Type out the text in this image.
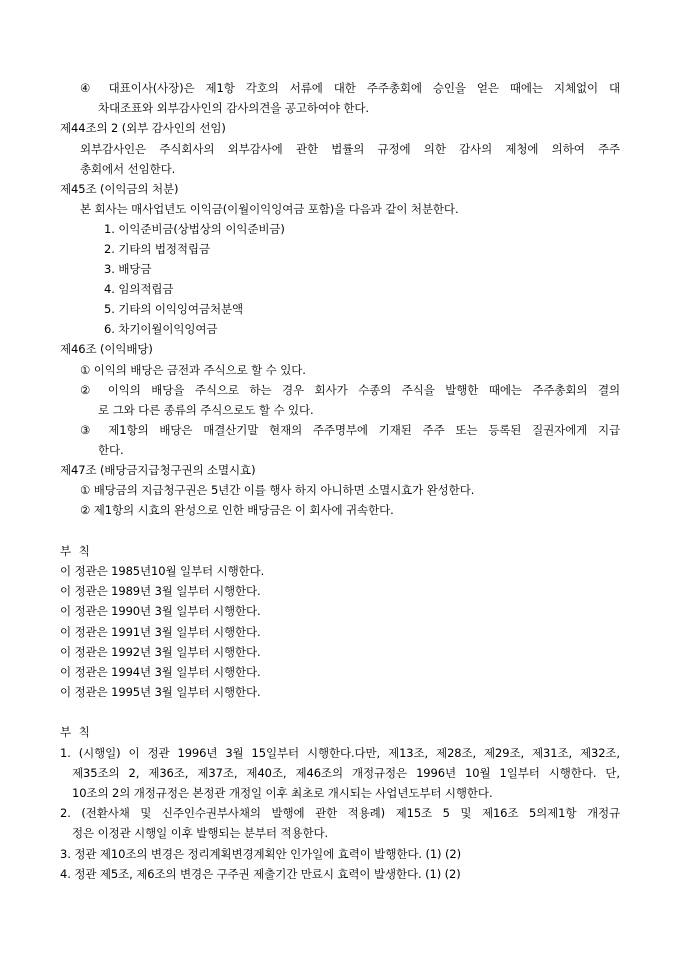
④ 대표이사(사장)은 제1항 각호의 서류에 대한 주주총회에 승인을 얻은 때에는 지체없이 대
차대조표와 외부감사인의 감사의견을 공고하여야 한다.
제44조의 2 (외부 감사인의 선임)
외부감사인은 주식회사의 외부감사에 관한 법률의 규정에 의한 감사의 제청에 의하여 주주
총회에서 선임한다.
제45조 (이익금의 처분)
본 회사는 매사업년도 이익금(이월이익잉여금 포함)을 다음과 같이 처분한다.
1. 이익준비금(상법상의 이익준비금)
2. 기타의 법정적립금
3. 배당금
4. 임의적립금
5. 기타의 이익잉여금처분액
6. 차기이월이익잉여금
제46조 (이익배당)
① 이익의 배당은 금전과 주식으로 할 수 있다.
② 이익의 배당을 주식으로 하는 경우 회사가 수종의 주식을 발행한 때에는 주주총회의 결의
로 그와 다른 종류의 주식으로도 할 수 있다.
③ 제1항의 배당은 매결산기말 현재의 주주명부에 기재된 주주 또는 등록된 질권자에게 지급
한다.
제47조 (배당금지급청구권의 소멸시효)
① 배당금의 지급청구권은 5년간 이를 행사 하지 아니하면 소멸시효가 완성한다.
② 제1항의 시효의 완성으로 인한 배당금은 이 회사에 귀속한다.
부 칙
이 정관은 1985년10월 일부터 시행한다.
이 정관은 1989년 3월 일부터 시행한다.
이 정관은 1990년 3월 일부터 시행한다.
이 정관은 1991년 3월 일부터 시행한다.
이 정관은 1992년 3월 일부터 시행한다.
이 정관은 1994년 3월 일부터 시행한다.
이 정관은 1995년 3월 일부터 시행한다.
부 칙
1. (시행일) 이 정관 1996년 3월 15일부터 시행한다.다만, 제13조, 제28조, 제29조, 제31조, 제32조,
제35조의 2, 제36조, 제37조, 제40조, 제46조의 개정규정은 1996년 10월 1일부터 시행한다. 단,
10조의 2의 개정규정은 본정관 개정일 이후 최초로 개시되는 사업년도부터 시행한다.
2. (전환사채 및 신주인수권부사채의 발행에 관한 적용례) 제15조 5 및 제16조 5의제1항 개정규
정은 이정관 시행일 이후 발행되는 분부터 적용한다.
3. 정관 제10조의 변경은 정리계획변경계획안 인가일에 효력이 발행한다. (1) (2)
4. 정관 제5조, 제6조의 변경은 구주권 제출기간 만료시 효력이 발생한다. (1) (2)
